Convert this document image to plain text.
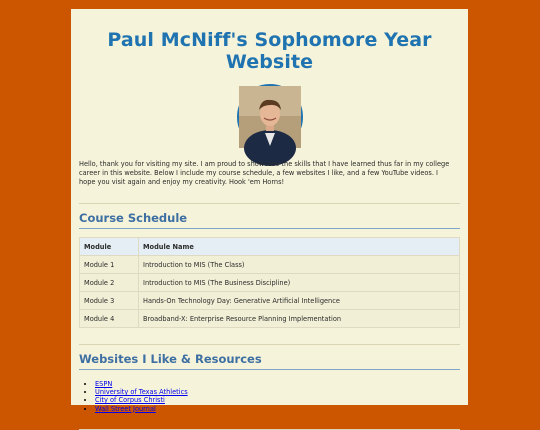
Paul McNiff's Sophomore Year Website

Hello, thank you for visiting my site. I am proud to showcase the skills that I have learned thus far in my college career in this website. Below I include my course schedule, a few websites I like, and a few YouTube videos. I hope you visit again and enjoy my creativity. Hook 'em Horns!

Course Schedule
Module	Module Name
Module 1	Introduction to MIS (The Class)
Module 2	Introduction to MIS (The Business Discipline)
Module 3	Hands-On Technology Day: Generative Artificial Intelligence
Module 4	Broadband-X: Enterprise Resource Planning Implementation
Websites I Like & Resources
• ESPN
• University of Texas Athletics
• City of Corpus Christi
• Wall Street Journal
